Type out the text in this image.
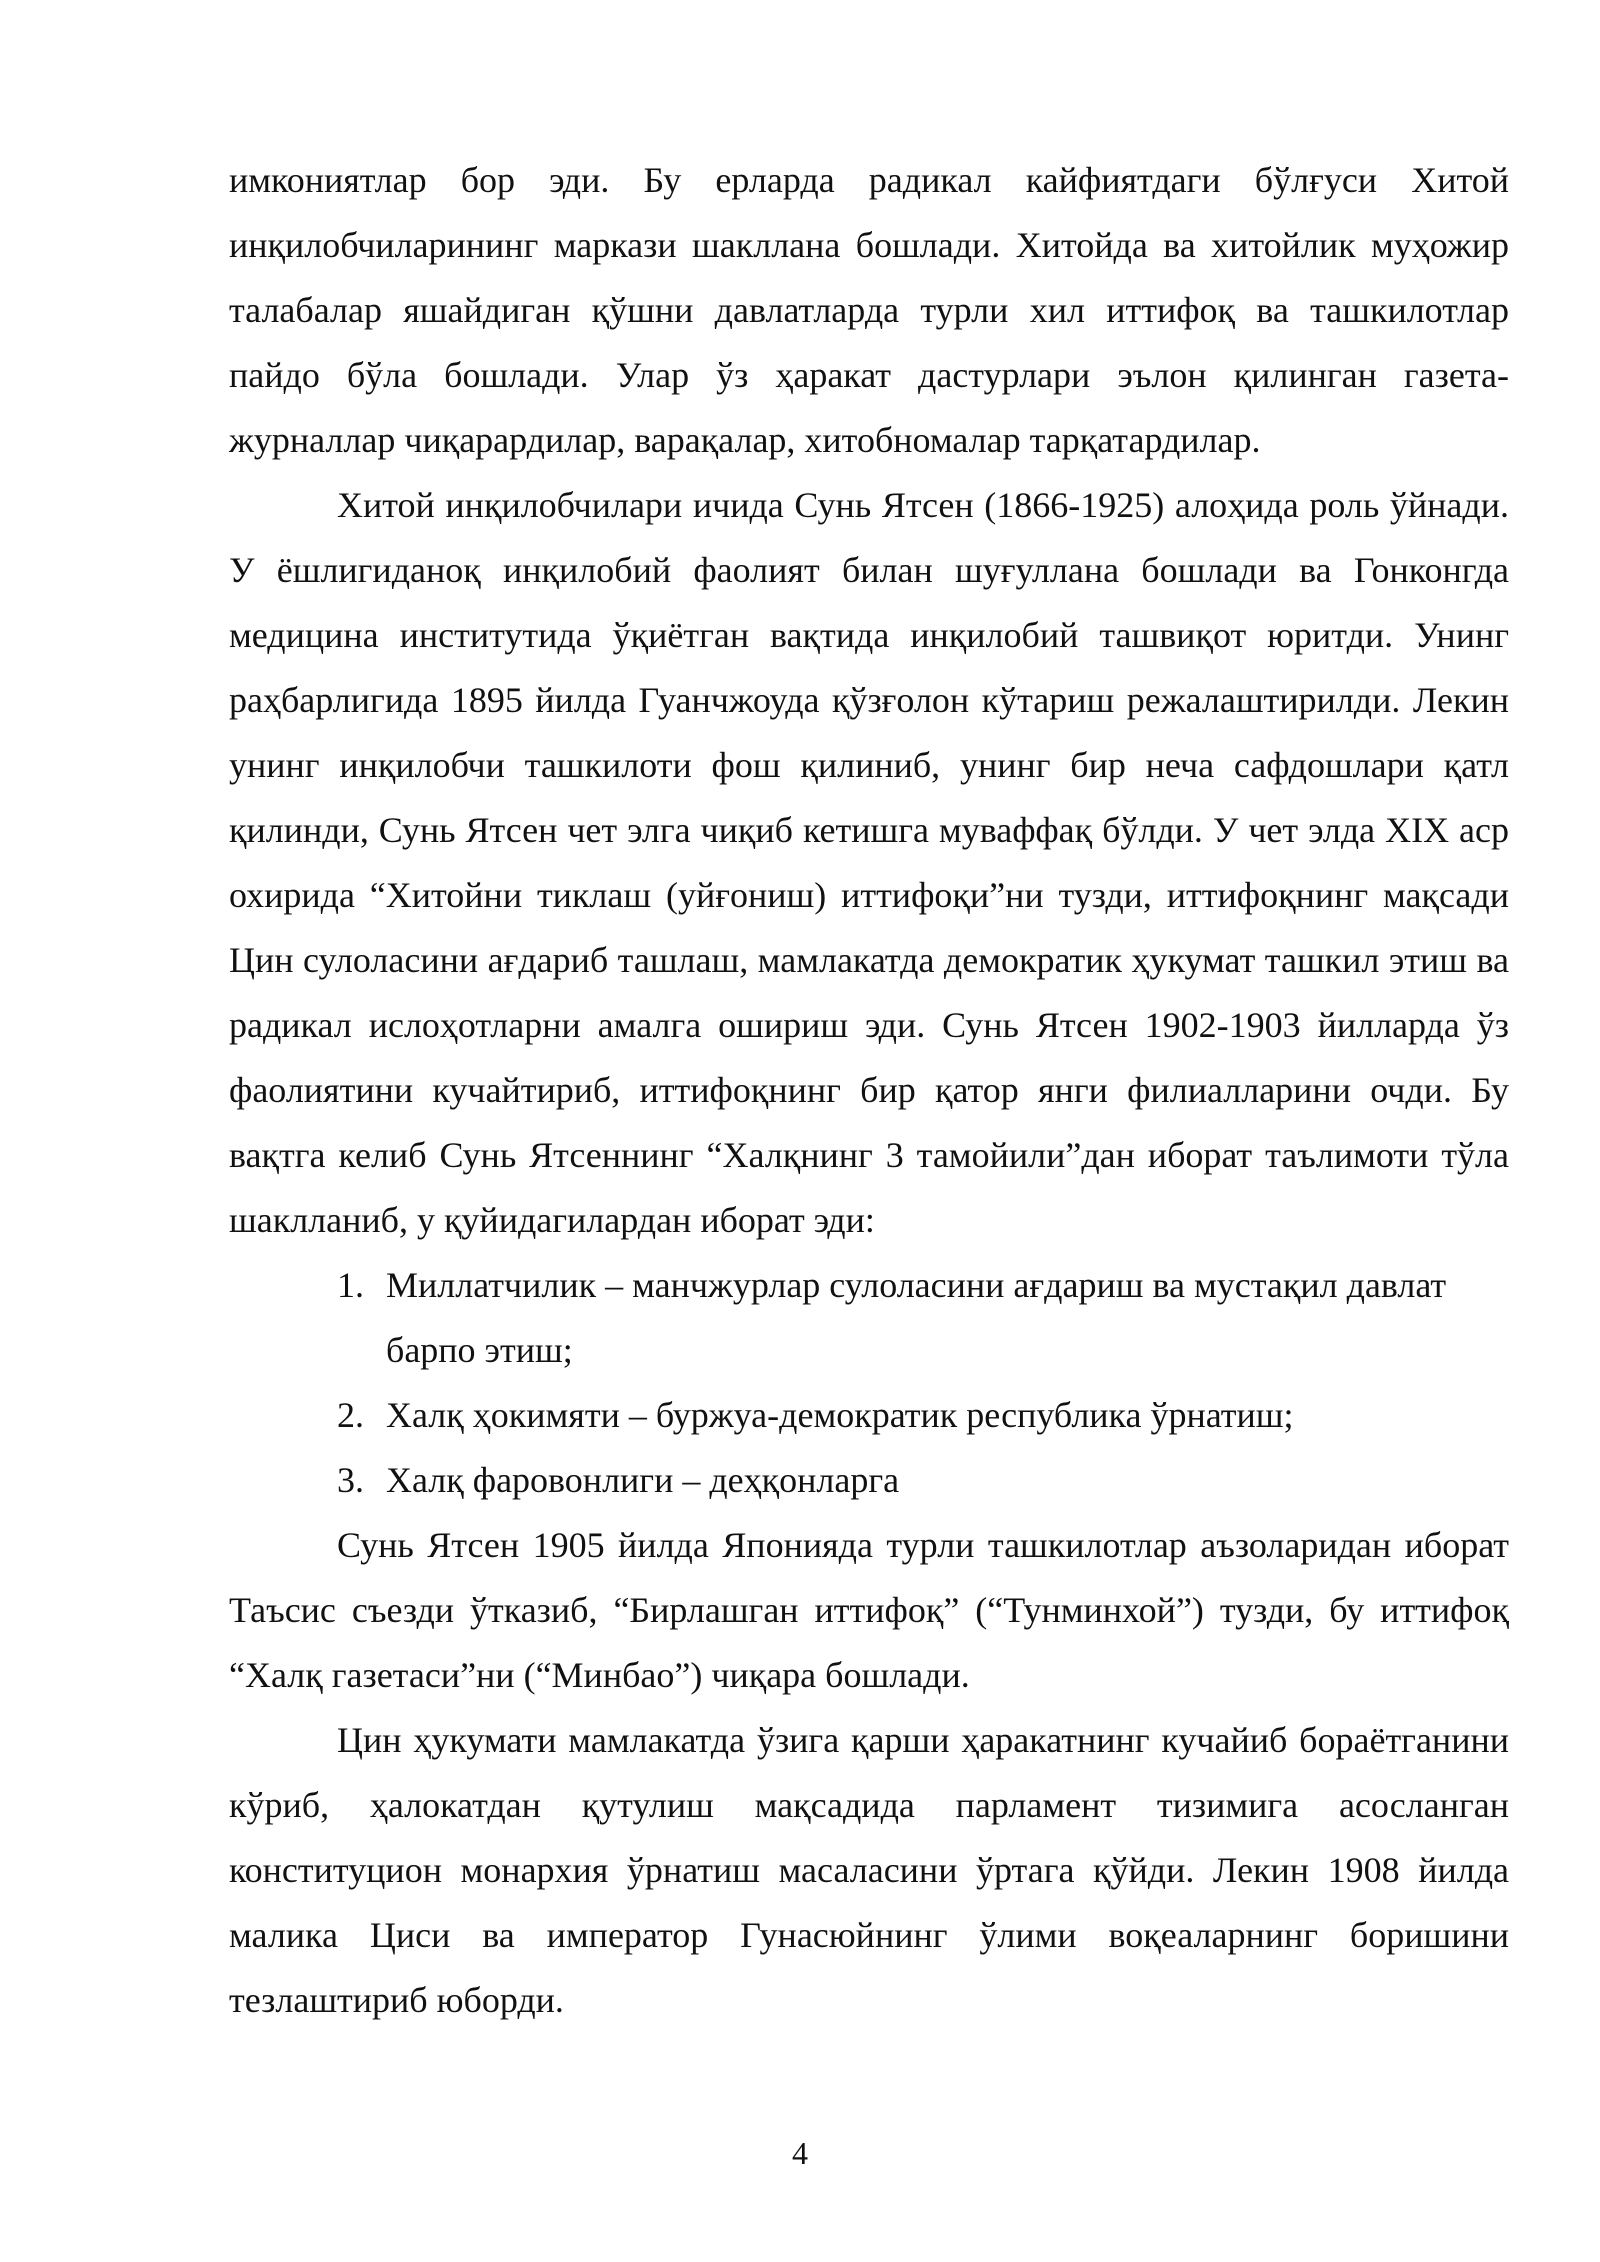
имкониятлар бор эди. Бу ерларда радикал кайфиятдаги бўлғуси Хитой инқилобчиларининг маркази шакллана бошлади. Хитойда ва хитойлик муҳожир талабалар яшайдиган қўшни давлатларда турли хил иттифоқ ва ташкилотлар пайдо бўла бошлади. Улар ўз ҳаракат дастурлари эълон қилинган газета-журналлар чиқарардилар, варақалар, хитобномалар тарқатардилар.

Хитой инқилобчилари ичида Сунь Ятсен (1866-1925) алоҳида роль ўйнади. У ёшлигиданоқ инқилобий фаолият билан шуғуллана бошлади ва Гонконгда медицина институтида ўқиётган вақтида инқилобий ташвиқот юритди. Унинг раҳбарлигида 1895 йилда Гуанчжоуда қўзғолон кўтариш режалаштирилди. Лекин унинг инқилобчи ташкилоти фош қилиниб, унинг бир неча сафдошлари қатл қилинди, Сунь Ятсен чет элга чиқиб кетишга муваффақ бўлди. У чет элда XIX аср охирида “Хитойни тиклаш (уйғониш) иттифоқи”ни тузди, иттифоқнинг мақсади Цин сулоласини ағдариб ташлаш, мамлакатда демократик ҳукумат ташкил этиш ва радикал ислоҳотларни амалга ошириш эди. Сунь Ятсен 1902-1903 йилларда ўз фаолиятини кучайтириб, иттифоқнинг бир қатор янги филиалларини очди. Бу вақтга келиб Сунь Ятсеннинг “Халқнинг 3 тамойили”дан иборат таълимоти тўла шаклланиб, у қуйидагилардан иборат эди:

1. Миллатчилик – манчжурлар сулоласини ағдариш ва мустақил давлат барпо этиш;
2. Халқ ҳокимяти – буржуа-демократик республика ўрнатиш;
3. Халқ фаровонлиги – деҳқонларга

Сунь Ятсен 1905 йилда Японияда турли ташкилотлар аъзоларидан иборат Таъсис съезди ўтказиб, “Бирлашган иттифоқ” (“Тунминхой”) тузди, бу иттифоқ “Халқ газетаси”ни (“Минбао”) чиқара бошлади.

Цин ҳукумати мамлакатда ўзига қарши ҳаракатнинг кучайиб бораётганини кўриб, ҳалокатдан қутулиш мақсадида парламент тизимига асосланган конституцион монархия ўрнатиш масаласини ўртага қўйди. Лекин 1908 йилда малика Циси ва император Гунасюйнинг ўлими воқеаларнинг боришини тезлаштириб юборди.

4
